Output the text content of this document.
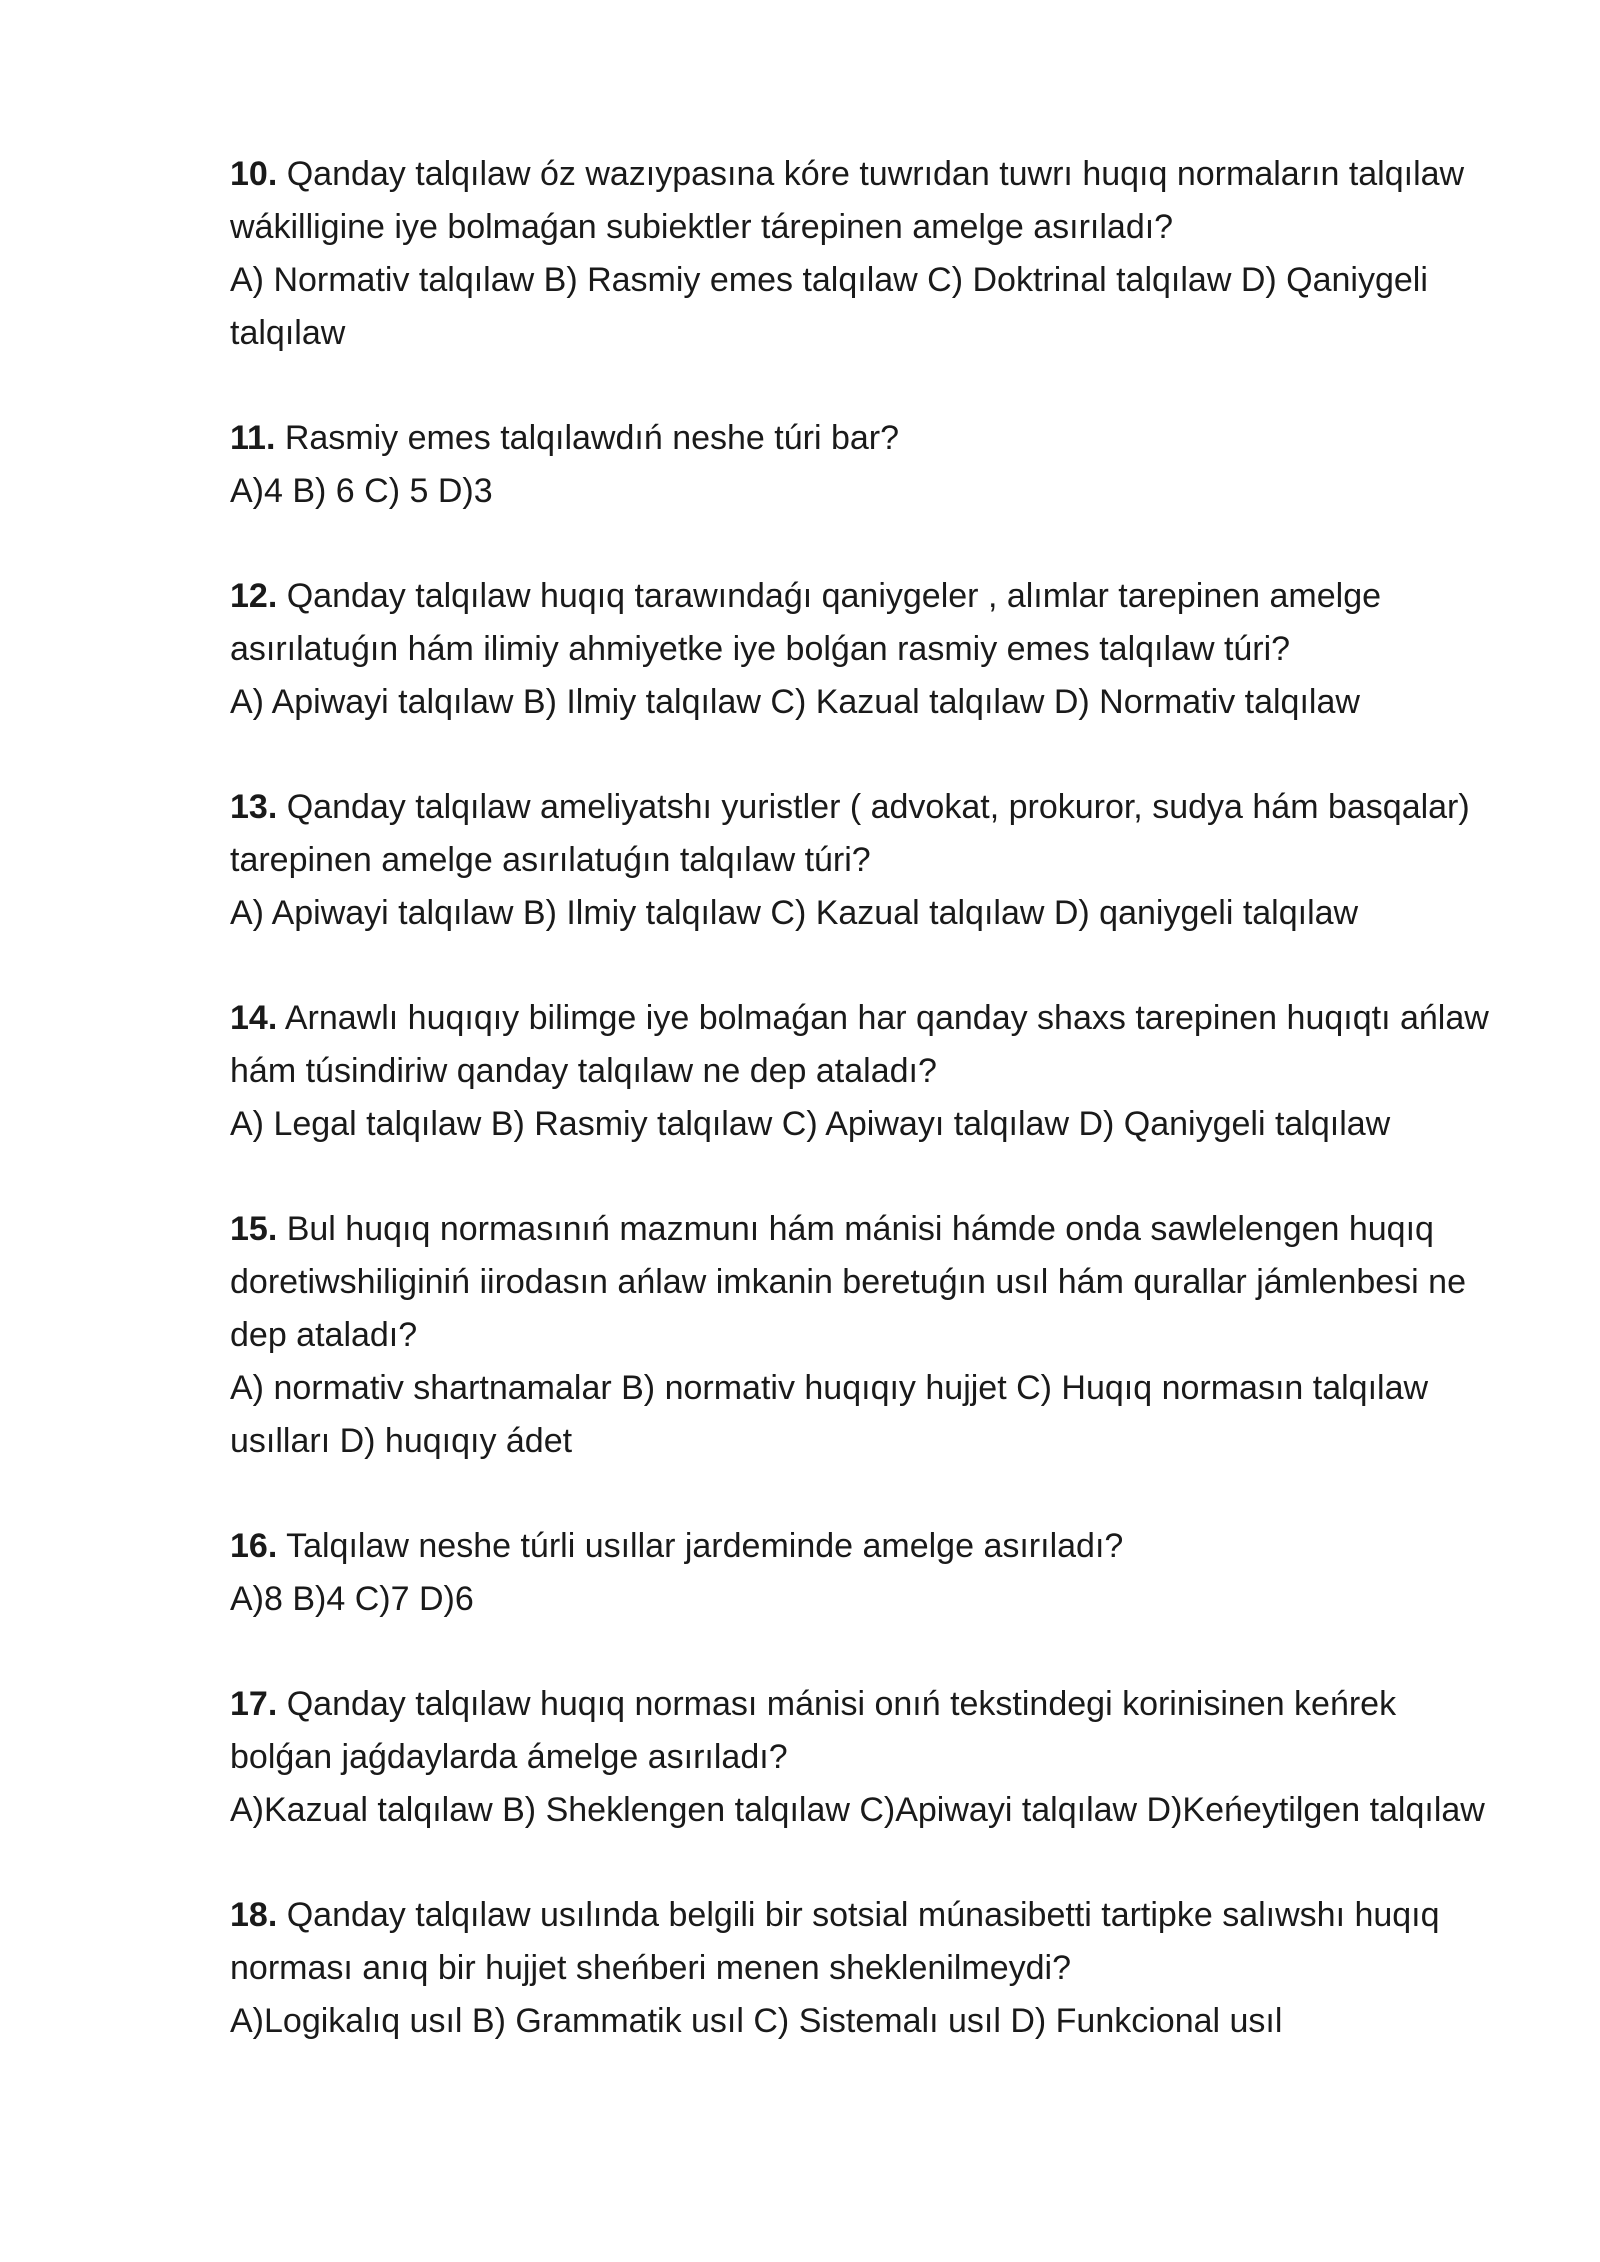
10. Qanday talqılaw óz wazıypasına kóre tuwrıdan tuwrı huqıq normaların talqılaw wákilligine iye bolmaǵan subiektler tárepinen amelge asırıladı?
A) Normativ talqılaw B) Rasmiy emes talqılaw C) Doktrinal talqılaw D) Qaniygeli talqılaw
11. Rasmiy emes talqılawdıń neshe túri bar?
A)4 B) 6 C) 5 D)3
12. Qanday talqılaw huqıq tarawındaǵı qaniygeler , alımlar tarepinen amelge asırılatuǵın hám ilimiy ahmiyetke iye bolǵan rasmiy emes talqılaw túri?
A) Apiwayi talqılaw B) Ilmiy talqılaw C) Kazual talqılaw D) Normativ talqılaw
13. Qanday talqılaw ameliyatshı yuristler ( advokat, prokuror, sudya hám basqalar) tarepinen amelge asırılatuǵın talqılaw túri?
A) Apiwayi talqılaw B) Ilmiy talqılaw C) Kazual talqılaw D) qaniygeli talqılaw
14. Arnawlı huqıqıy bilimge iye bolmaǵan har qanday shaxs tarepinen huqıqtı ańlaw hám túsindiriw qanday talqılaw ne dep ataladı?
A) Legal talqılaw B) Rasmiy talqılaw C) Apiwayı talqılaw D) Qaniygeli talqılaw
15. Bul huqıq normasınıń mazmunı hám mánisi hámde onda sawlelengen huqıq doretiwshiliginiń iirodasın ańlaw imkanin beretuǵın usıl hám qurallar jámlenbesi ne dep ataladı?
A) normativ shartnamalar B) normativ huqıqıy hujjet C) Huqıq normasın talqılaw usılları D) huqıqıy ádet
16. Talqılaw neshe túrli usıllar jardeminde amelge asırıladı?
A)8 B)4 C)7 D)6
17. Qanday talqılaw huqıq norması mánisi onıń tekstindegi korinisinen keńrek bolǵan jaǵdaylarda ámelge asırıladı?
A)Kazual talqılaw B) Sheklengen talqılaw C)Apiwayi talqılaw D)Keńeytilgen talqılaw
18. Qanday talqılaw usılında belgili bir sotsial múnasibetti tartipke salıwshı huqıq norması anıq bir hujjet sheńberi menen sheklenilmeydi?
A)Logikalıq usıl B) Grammatik usıl C) Sistemalı usıl D) Funkcional usıl
